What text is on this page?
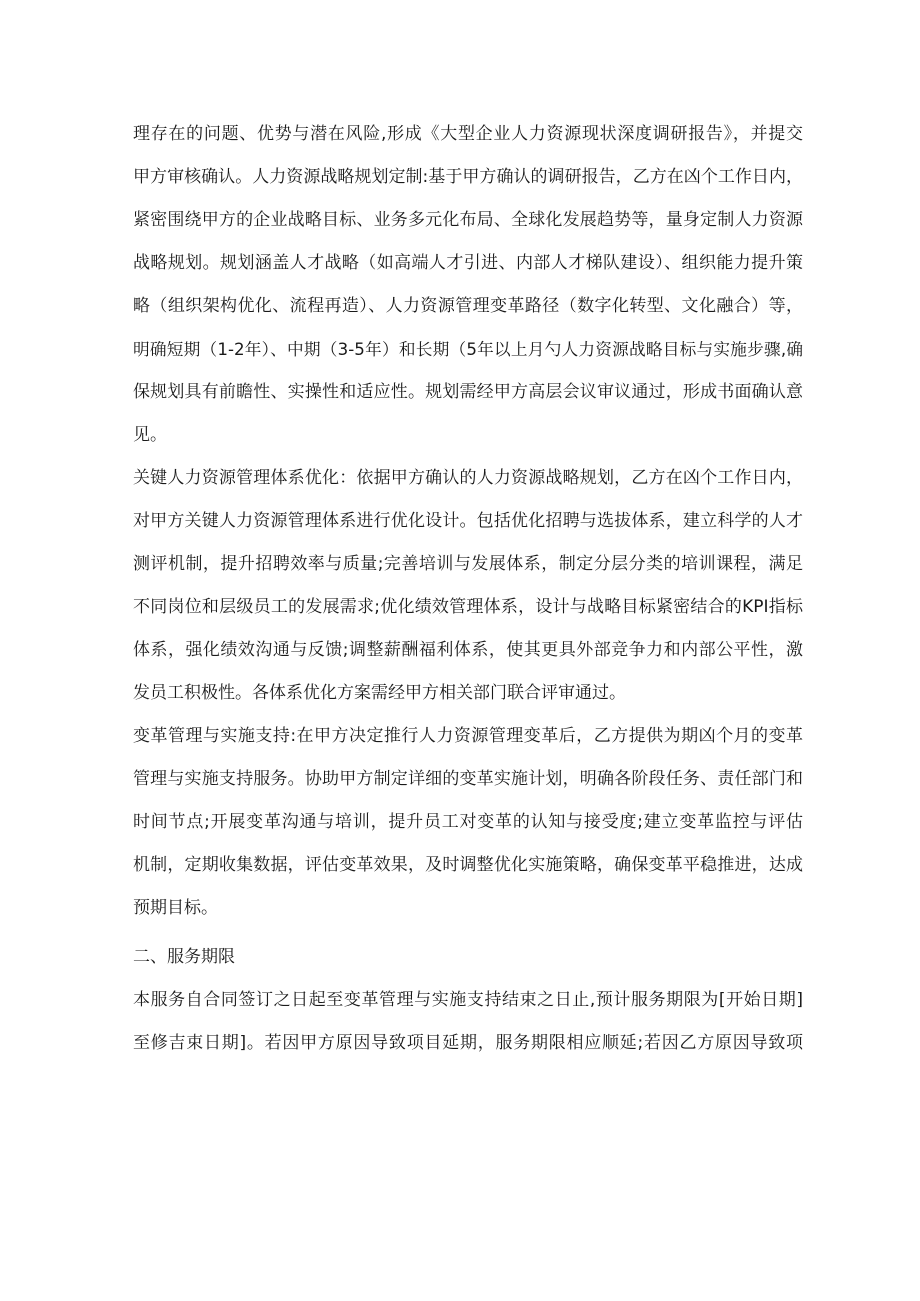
理存在的问题、优势与潜在风险,形成《大型企业人力资源现状深度调研报告》，并提交
甲方审核确认。人力资源战略规划定制:基于甲方确认的调研报告，乙方在凶个工作日内，
紧密围绕甲方的企业战略目标、业务多元化布局、全球化发展趋势等，量身定制人力资源
战略规划。规划涵盖人才战略（如高端人才引进、内部人才梯队建设）、组织能力提升策
略（组织架构优化、流程再造）、人力资源管理变革路径（数字化转型、文化融合）等，
明确短期（1-2年）、中期（3-5年）和长期（5年以上月勺人力资源战略目标与实施步骤,确
保规划具有前瞻性、实操性和适应性。规划需经甲方高层会议审议通过，形成书面确认意
见。
关键人力资源管理体系优化：依据甲方确认的人力资源战略规划，乙方在凶个工作日内，
对甲方关键人力资源管理体系进行优化设计。包括优化招聘与选拔体系，建立科学的人才
测评机制，提升招聘效率与质量;完善培训与发展体系，制定分层分类的培训课程，满足
不同岗位和层级员工的发展需求;优化绩效管理体系，设计与战略目标紧密结合的KPI指标
体系，强化绩效沟通与反馈;调整薪酬福利体系，使其更具外部竞争力和内部公平性，激
发员工积极性。各体系优化方案需经甲方相关部门联合评审通过。
变革管理与实施支持:在甲方决定推行人力资源管理变革后，乙方提供为期凶个月的变革
管理与实施支持服务。协助甲方制定详细的变革实施计划，明确各阶段任务、责任部门和
时间节点;开展变革沟通与培训，提升员工对变革的认知与接受度;建立变革监控与评估
机制，定期收集数据，评估变革效果，及时调整优化实施策略，确保变革平稳推进，达成
预期目标。
二、服务期限
本服务自合同签订之日起至变革管理与实施支持结束之日止,预计服务期限为[开始日期]
至修吉束日期]。若因甲方原因导致项目延期，服务期限相应顺延;若因乙方原因导致项
